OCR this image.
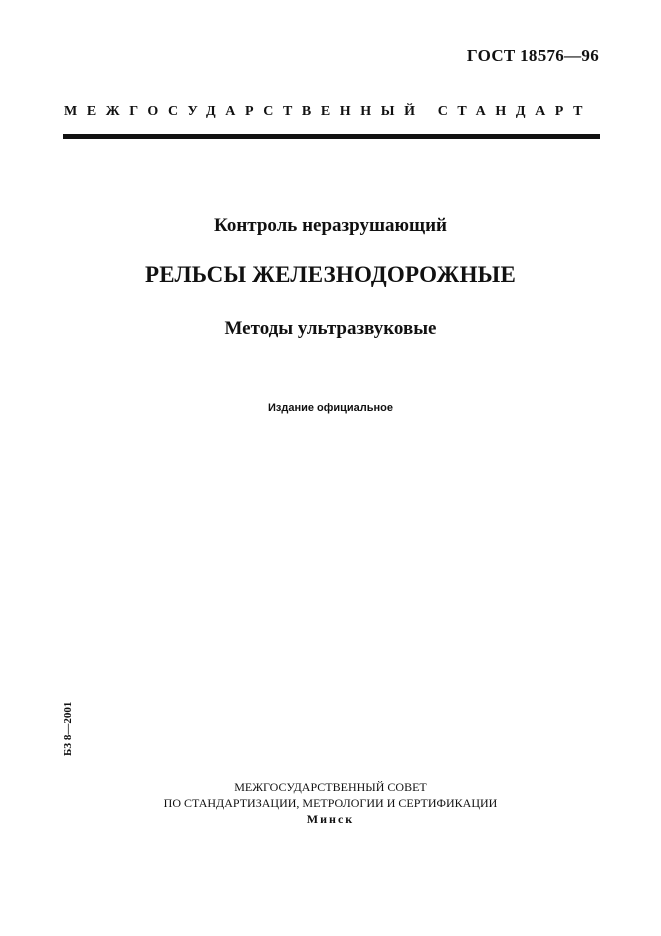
ГОСТ 18576—96
МЕЖГОСУДАРСТВЕННЫЙ СТАНДАРТ
Контроль неразрушающий
РЕЛЬСЫ ЖЕЛЕЗНОДОРОЖНЫЕ
Методы ультразвуковые
Издание официальное
БЗ 8—2001
МЕЖГОСУДАРСТВЕННЫЙ СОВЕТ
ПО СТАНДАРТИЗАЦИИ, МЕТРОЛОГИИ И СЕРТИФИКАЦИИ
Минск
